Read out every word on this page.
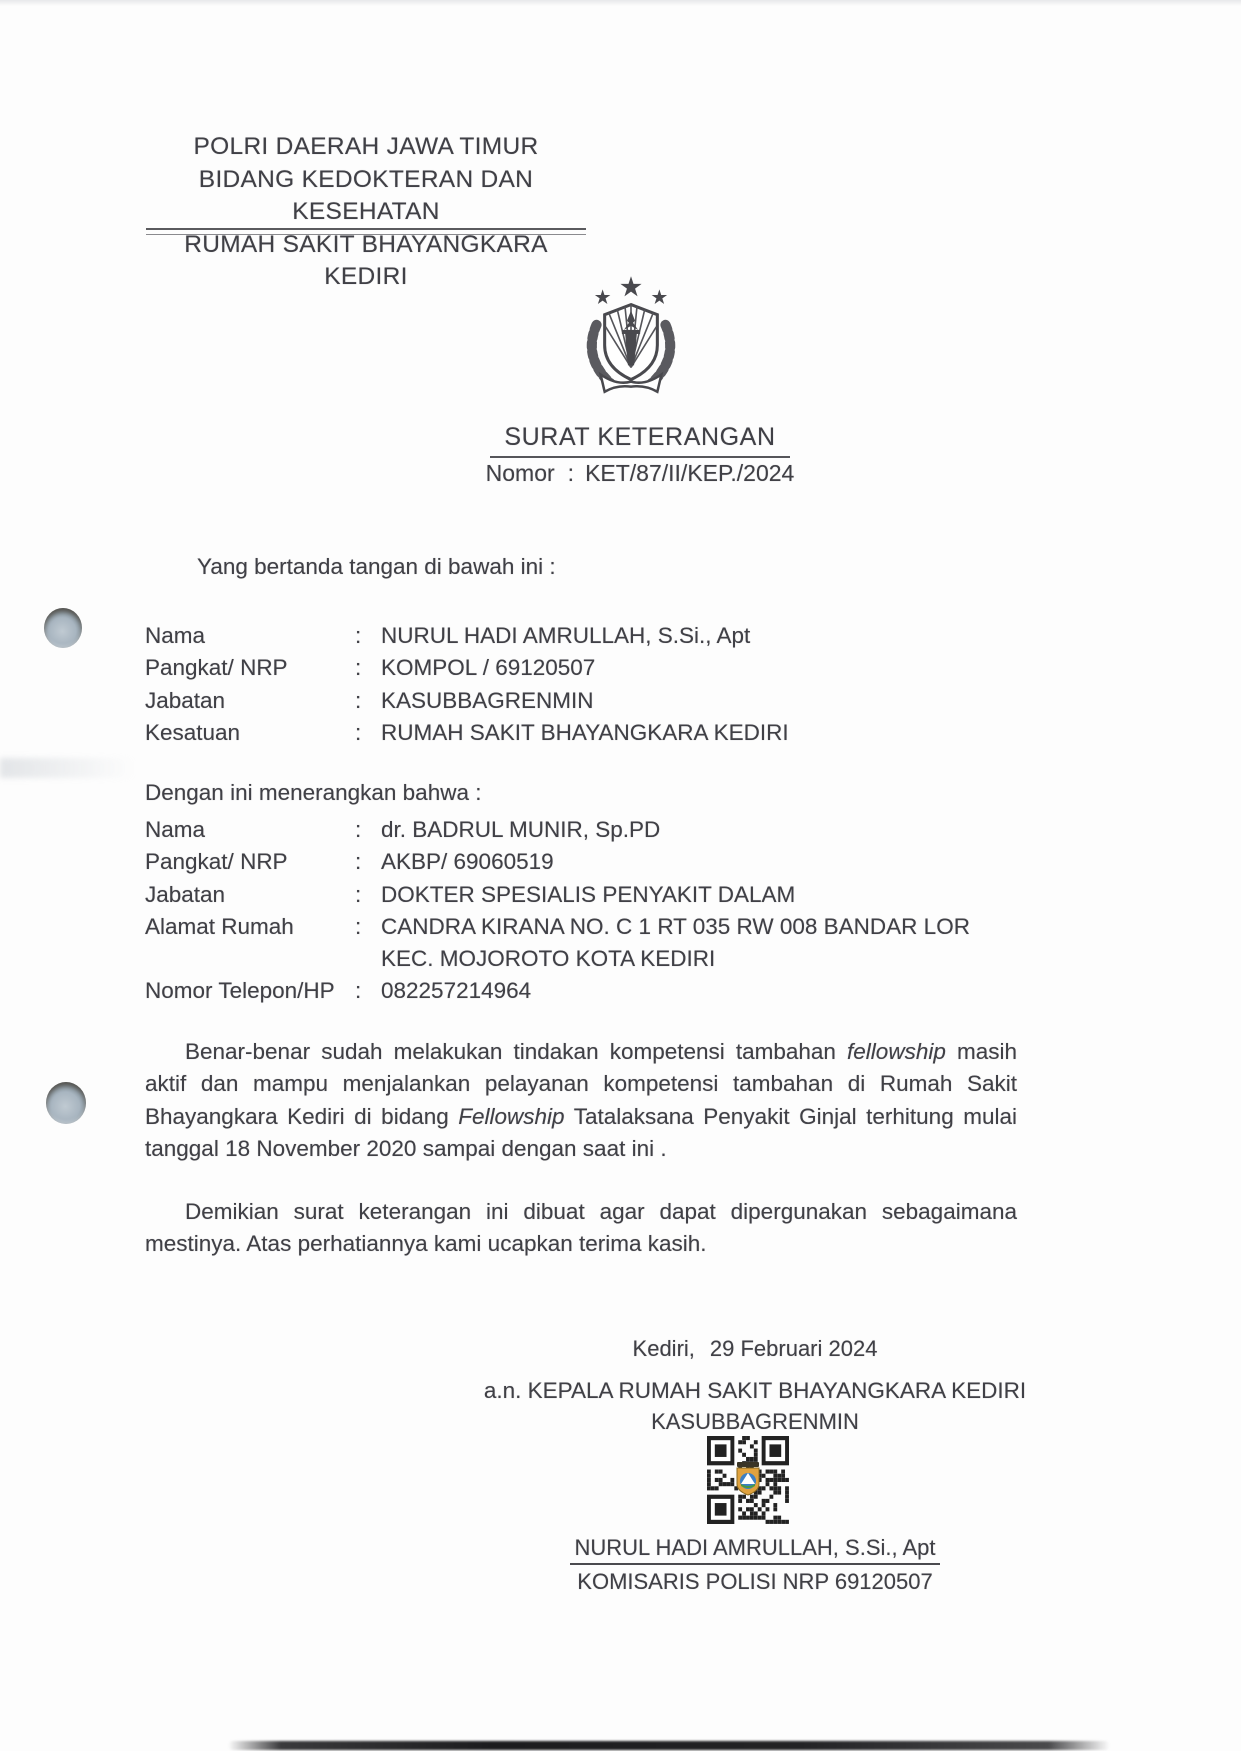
POLRI DAERAH JAWA TIMUR
BIDANG KEDOKTERAN DAN KESEHATAN
RUMAH SAKIT BHAYANGKARA KEDIRI
SURAT KETERANGAN
Nomor : KET/87/II/KEP./2024
Yang bertanda tangan di bawah ini :
Nama	: NURUL HADI AMRULLAH, S.Si., Apt
Pangkat/ NRP	: KOMPOL / 69120507
Jabatan	: KASUBBAGRENMIN
Kesatuan	: RUMAH SAKIT BHAYANGKARA KEDIRI
Dengan ini menerangkan bahwa :
Nama	: dr. BADRUL MUNIR, Sp.PD
Pangkat/ NRP	: AKBP/ 69060519
Jabatan	: DOKTER SPESIALIS PENYAKIT DALAM
Alamat Rumah	: CANDRA KIRANA NO. C 1 RT 035 RW 008 BANDAR LOR
KEC. MOJOROTO KOTA KEDIRI
Nomor Telepon/HP : 082257214964
Benar-benar sudah melakukan tindakan kompetensi tambahan fellowship masih aktif dan mampu menjalankan pelayanan kompetensi tambahan di Rumah Sakit Bhayangkara Kediri di bidang Fellowship Tatalaksana Penyakit Ginjal terhitung mulai tanggal 18 November 2020 sampai dengan saat ini .
Demikian surat keterangan ini dibuat agar dapat dipergunakan sebagaimana mestinya. Atas perhatiannya kami ucapkan terima kasih.
Kediri, 29 Februari 2024
a.n. KEPALA RUMAH SAKIT BHAYANGKARA KEDIRI
KASUBBAGRENMIN
NURUL HADI AMRULLAH, S.Si., Apt
KOMISARIS POLISI NRP 69120507
